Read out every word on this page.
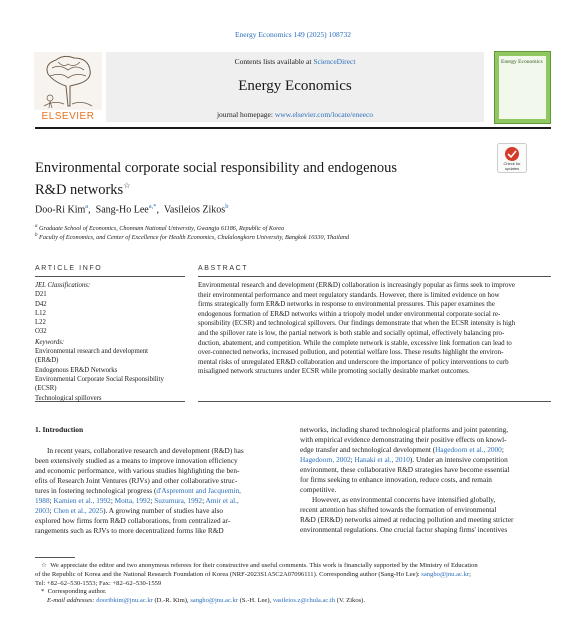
Energy Economics 149 (2025) 108732
ELSEVIER
Contents lists available at ScienceDirect
Energy Economics
journal homepage: www.elsevier.com/locate/eneeco
Energy Economics
Environmental corporate social responsibility and endogenous
R&D networks☆
Check for
updates
Doo-Ri Kim$^a$,  Sang-Ho Lee$^{a,*}$,  Vasileios Zikos$^b$
$^a$ Graduate School of Economics, Chonnam National University, Gwangju 61186, Republic of Korea
$^b$ Faculty of Economics, and Center of Excellence for Health Economics, Chulalongkorn University, Bangkok 10330, Thailand
ARTICLE INFO	ABSTRACT
JEL Classifications:
D21
D42
L12
L22
O32
Keywords:
Environmental research and development
(ER&D)
Endogenous ER&D Networks
Environmental Corporate Social Responsibility
(ECSR)
Technological spillovers
Environmental research and development (ER&D) collaboration is increasingly popular as firms seek to improve
their environmental performance and meet regulatory standards. However, there is limited evidence on how
firms strategically form ER&D networks in response to environmental pressures. This paper examines the
endogenous formation of ER&D networks within a triopoly model under environmental corporate social re-
sponsibility (ECSR) and technological spillovers. Our findings demonstrate that when the ECSR intensity is high
and the spillover rate is low, the partial network is both stable and socially optimal, effectively balancing pro-
duction, abatement, and competition. While the complete network is stable, excessive link formation can lead to
over-connected networks, increased pollution, and potential welfare loss. These results highlight the environ-
mental risks of unregulated ER&D collaboration and underscore the importance of policy interventions to curb
misaligned network structures under ECSR while promoting socially desirable market outcomes.
1. Introduction
In recent years, collaborative research and development (R&D) has
been extensively studied as a means to improve innovation efficiency
and economic performance, with various studies highlighting the ben-
efits of Research Joint Ventures (RJVs) and other collaborative struc-
tures in fostering technological progress (d'Aspremont and Jacquemin,
1988; Kamien et al., 1992; Motta, 1992; Suzumura, 1992; Amir et al.,
2003; Chen et al., 2025). A growing number of studies have also
explored how firms form R&D collaborations, from centralized ar-
rangements such as RJVs to more decentralized forms like R&D
networks, including shared technological platforms and joint patenting,
with empirical evidence demonstrating their positive effects on knowl-
edge transfer and technological development (Hagedoorn et al., 2000;
Hagedoorn, 2002; Hanaki et al., 2010). Under an intensive competition
environment, these collaborative R&D strategies have become essential
for firms seeking to enhance innovation, reduce costs, and remain
competitive.
However, as environmental concerns have intensified globally,
recent attention has shifted towards the formation of environmental
R&D (ER&D) networks aimed at reducing pollution and meeting stricter
environmental regulations. One crucial factor shaping firms' incentives
☆ We appreciate the editor and two anonymous referees for their constructive and useful comments. This work is financially supported by the Ministry of Education
of the Republic of Korea and the National Research Foundation of Korea (NRF-2023S1A5C2A07096111). Corresponding author (Sang-Ho Lee): sangho@jnu.ac.kr;
Tel: +82–62–530-1553; Fax: +82–62–530-1559
* Corresponding author.
E-mail addresses: dooribkim@jnu.ac.kr (D.-R. Kim), sangho@jnu.ac.kr (S.-H. Lee), vasileios.z@chula.ac.th (V. Zikos).
